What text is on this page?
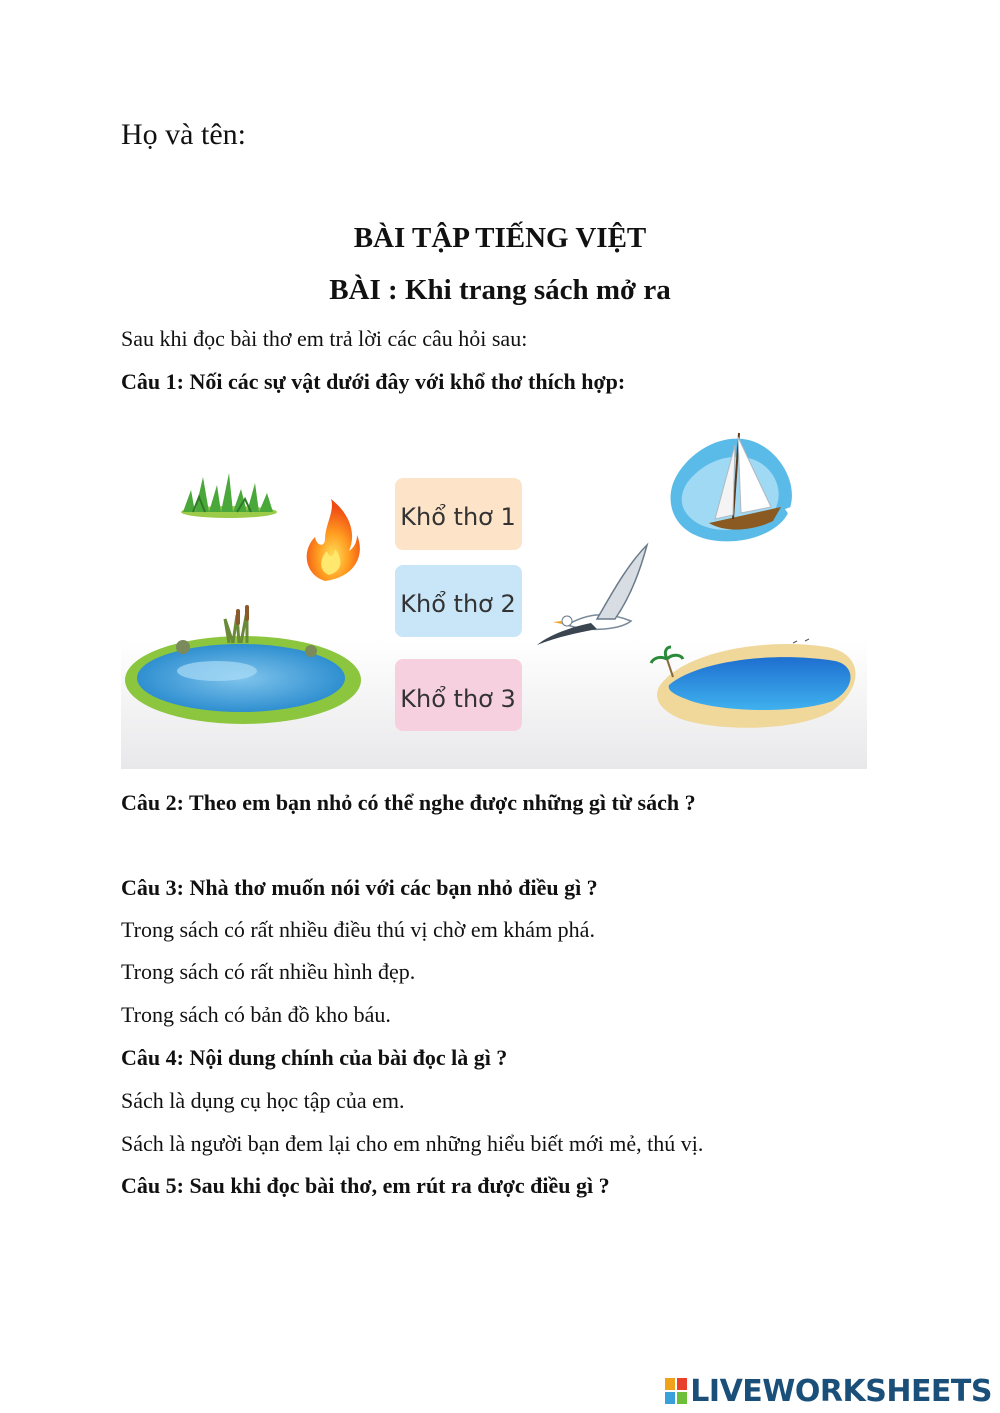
Họ và tên:
BÀI TẬP TIẾNG VIỆT
BÀI : Khi trang sách mở ra
Sau khi đọc bài thơ em trả lời các câu hỏi sau:
Câu 1: Nối các sự vật dưới đây với khổ thơ thích hợp:
Khổ thơ 1
Khổ thơ 2
Khổ thơ 3
Câu 2: Theo em bạn nhỏ có thể nghe được những gì từ sách ?
Câu 3: Nhà thơ muốn nói với các bạn nhỏ điều gì ?
Trong sách có rất nhiều điều thú vị chờ em khám phá.
Trong sách có rất nhiều hình đẹp.
Trong sách có bản đồ kho báu.
Câu 4: Nội dung chính của bài đọc là gì ?
Sách là dụng cụ học tập của em.
Sách là người bạn đem lại cho em những hiểu biết mới mẻ, thú vị.
Câu 5: Sau khi đọc bài thơ, em rút ra được điều gì ?
LIVEWORKSHEETS
